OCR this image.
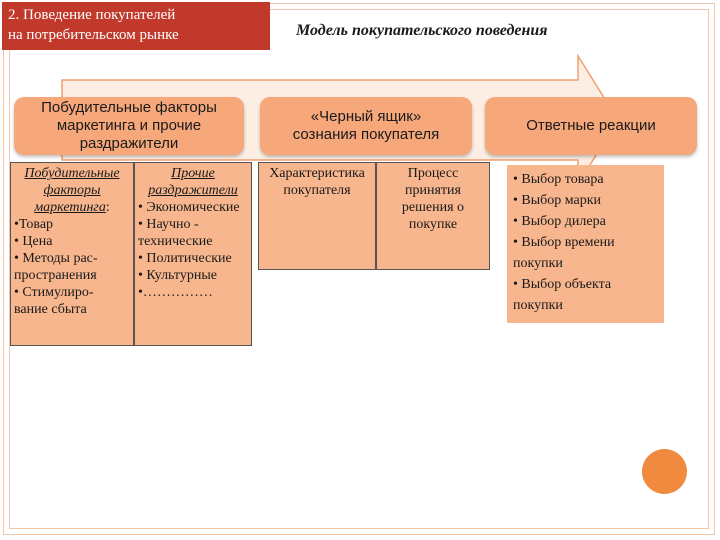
2. Поведение покупателей
на потребительском рынке	Модель покупательского поведения
Побудительные факторы
маркетинга и прочие
раздражители
«Черный ящик»
сознания покупателя
Ответные реакции
Побудительные
факторы
маркетинга:
•Товар
• Цена
• Методы рас-
пространения
• Стимулиро-
вание сбыта
Прочие
раздражители
• Экономические
• Научно -
технические
• Политические
• Культурные
•……………
Характеристика
покупателя
Процесс
принятия
решения о
покупке
• Выбор товара
• Выбор марки
• Выбор дилера
• Выбор времени
покупки
• Выбор объекта
покупки
